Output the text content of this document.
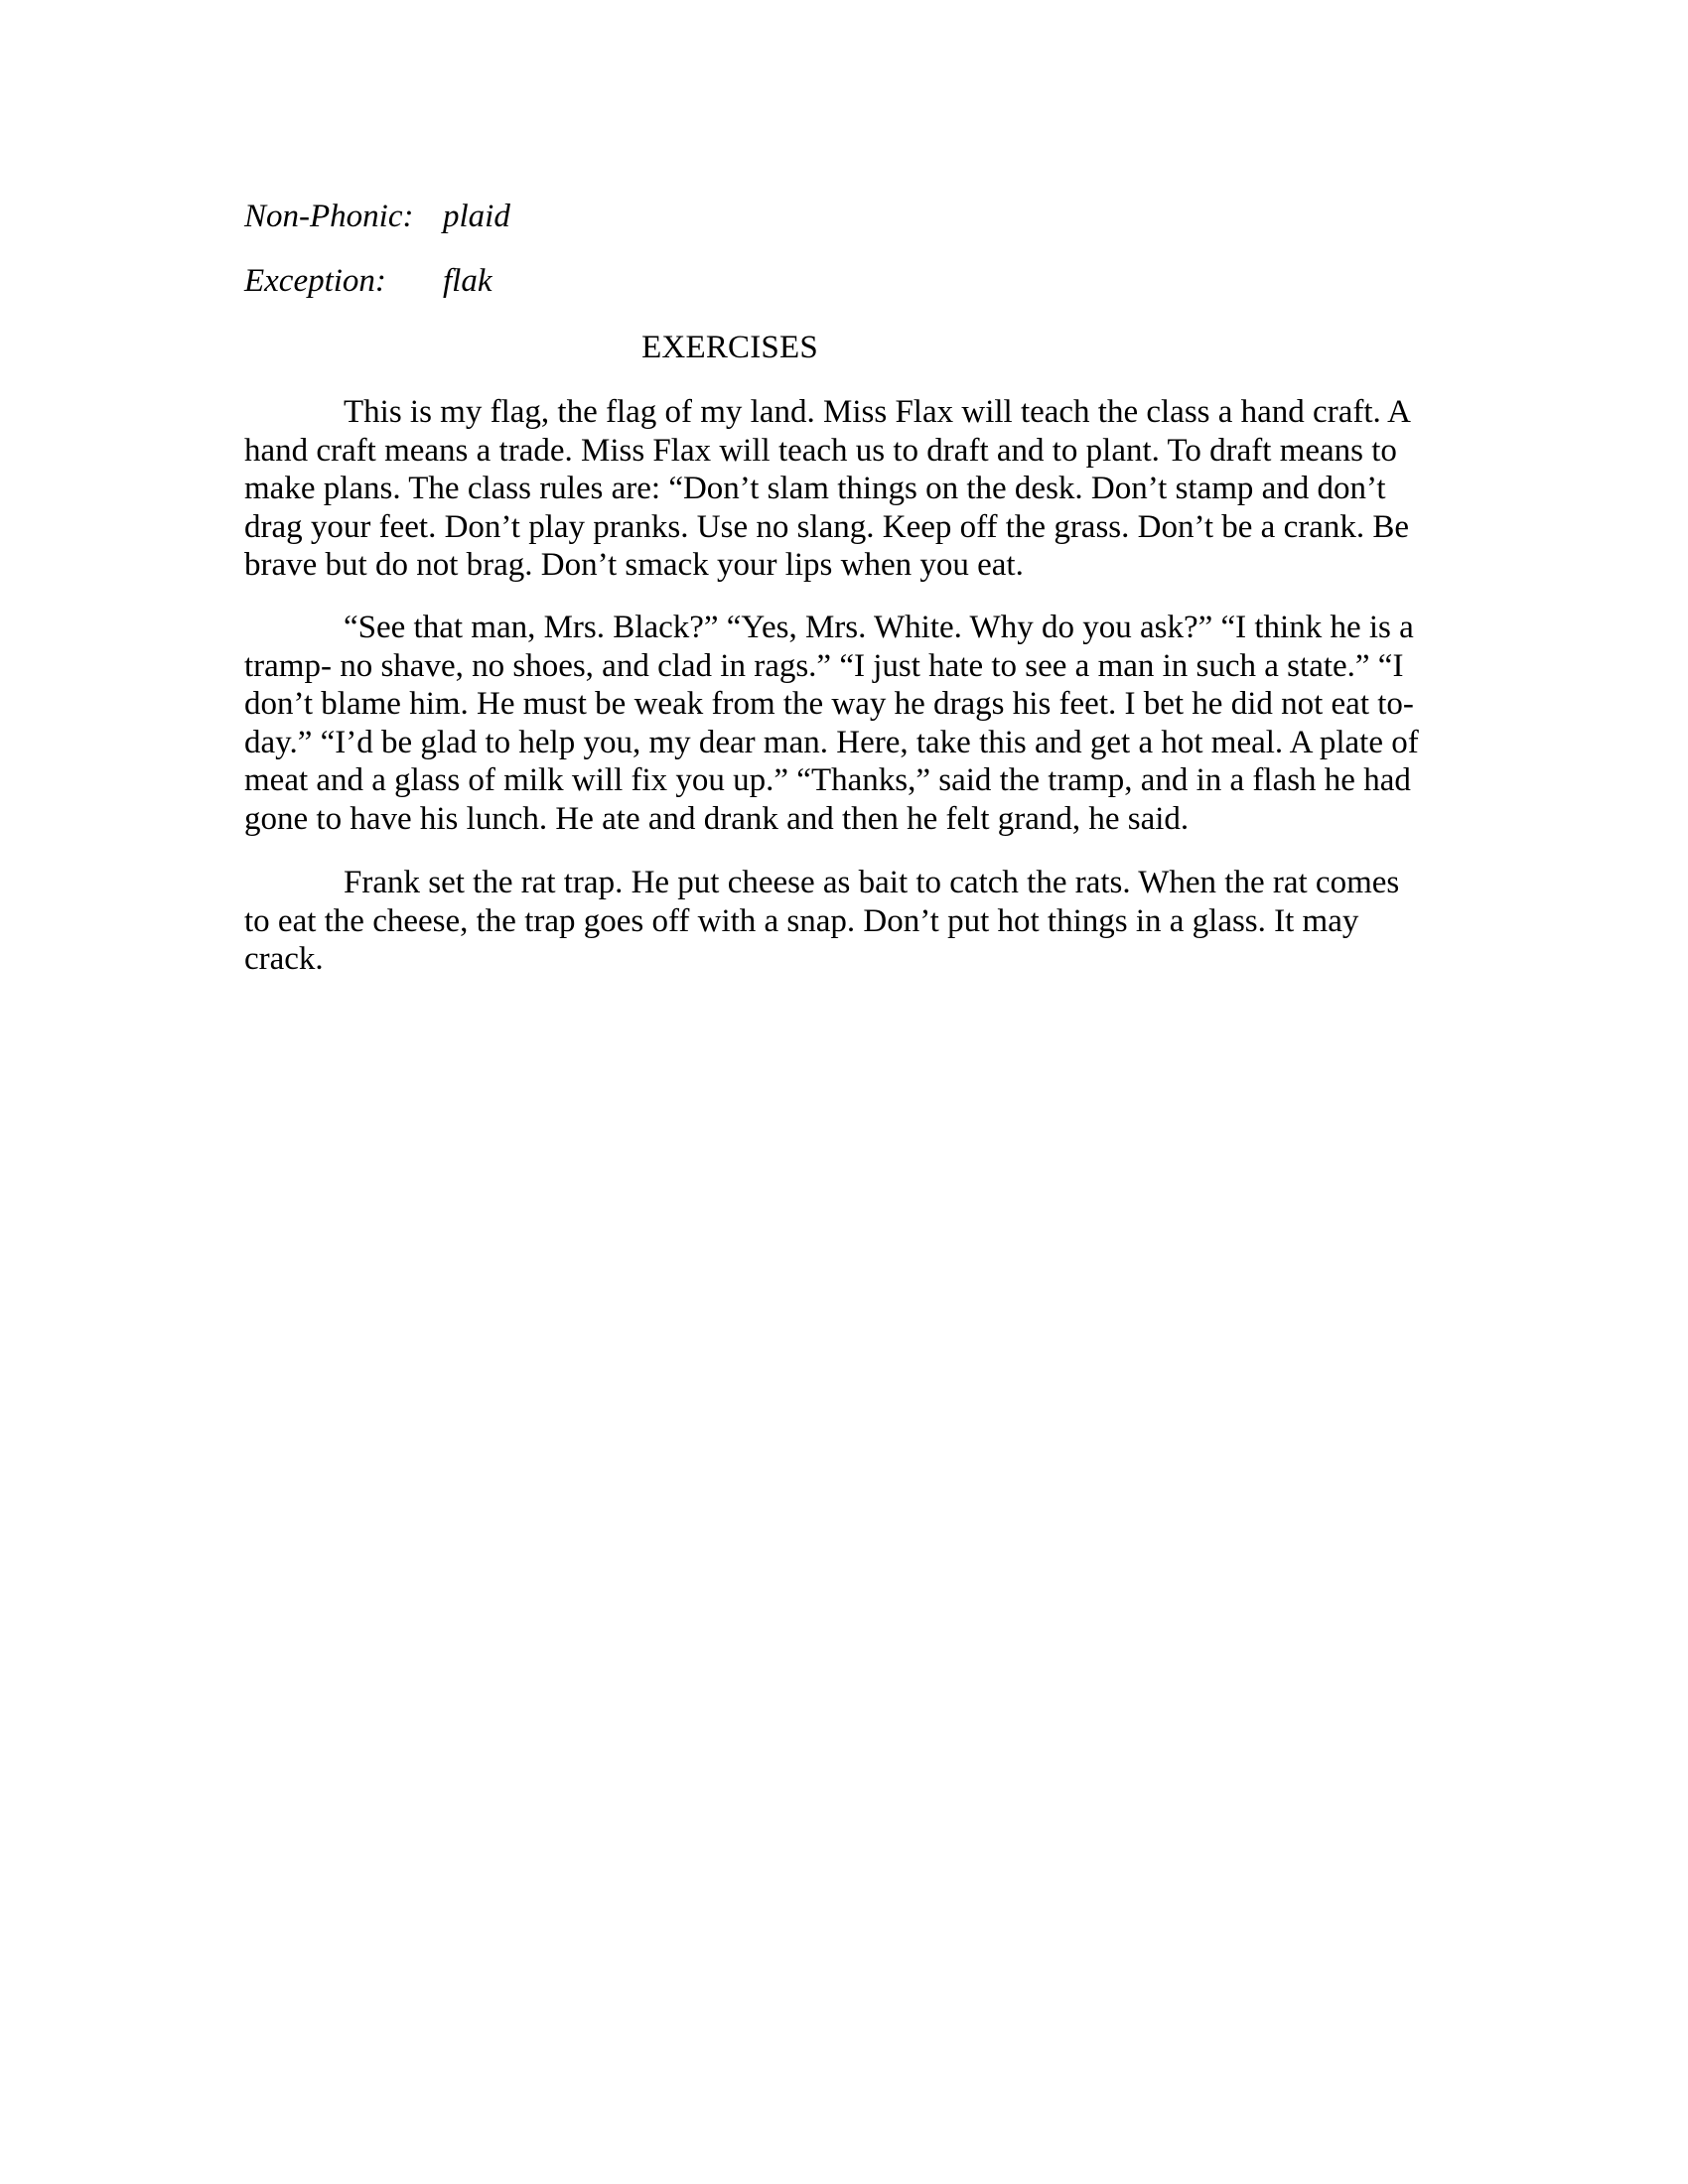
Non-Phonic: plaid
Exception: flak
EXERCISES

This is my flag, the flag of my land. Miss Flax will teach the class a hand craft. A hand craft means a trade. Miss Flax will teach us to draft and to plant. To draft means to make plans. The class rules are: “Don’t slam things on the desk. Don’t stamp and don’t drag your feet. Don’t play pranks. Use no slang. Keep off the grass. Don’t be a crank. Be brave but do not brag. Don’t smack your lips when you eat.

“See that man, Mrs. Black?” “Yes, Mrs. White. Why do you ask?” “I think he is a tramp- no shave, no shoes, and clad in rags.” “I just hate to see a man in such a state.” “I don’t blame him. He must be weak from the way he drags his feet. I bet he did not eat to-day.” “I’d be glad to help you, my dear man. Here, take this and get a hot meal. A plate of meat and a glass of milk will fix you up.” “Thanks,” said the tramp, and in a flash he had gone to have his lunch. He ate and drank and then he felt grand, he said.

Frank set the rat trap. He put cheese as bait to catch the rats. When the rat comes to eat the cheese, the trap goes off with a snap. Don’t put hot things in a glass. It may crack.
